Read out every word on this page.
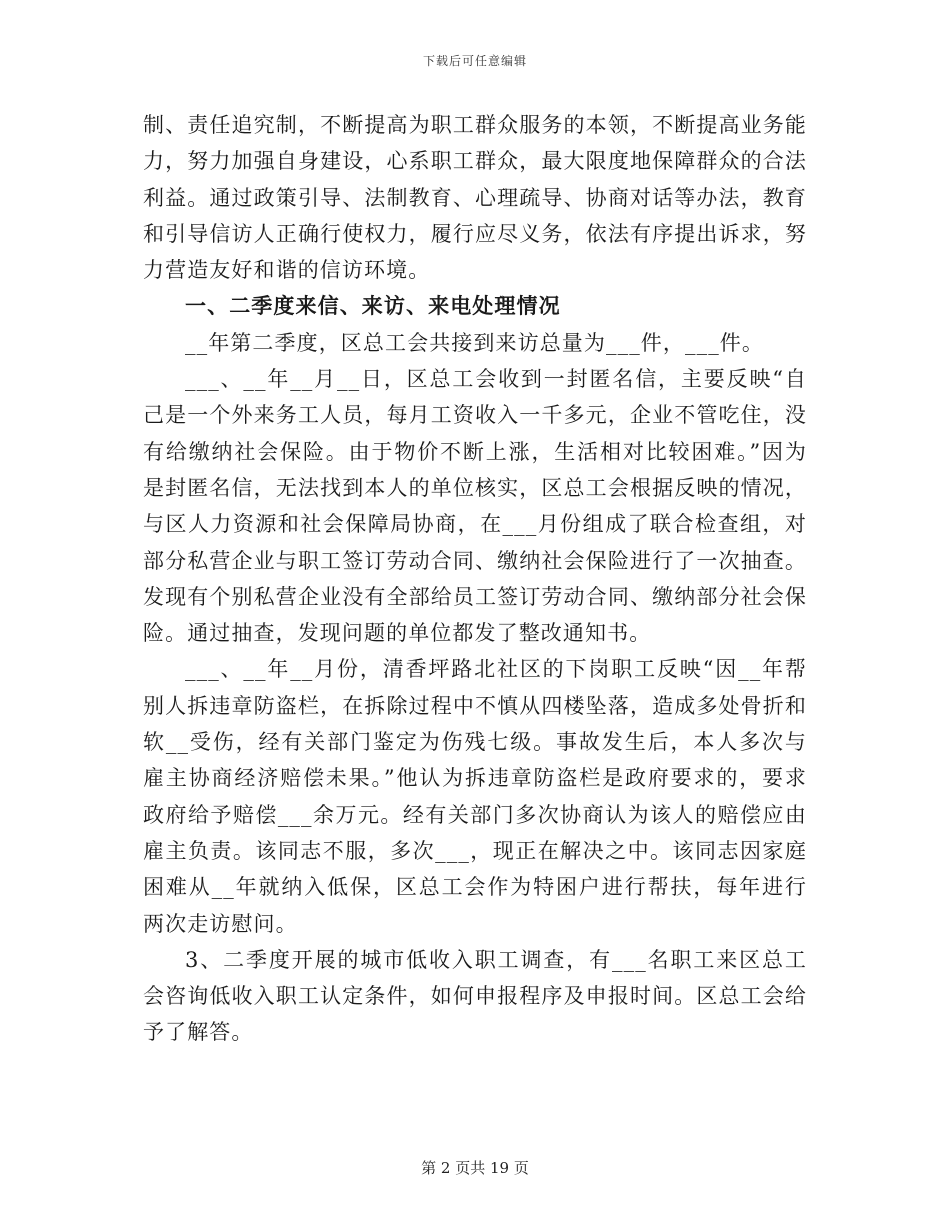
下载后可任意编辑

制、责任追究制，不断提高为职工群众服务的本领，不断提高业务能力，努力加强自身建设，心系职工群众，最大限度地保障群众的合法利益。通过政策引导、法制教育、心理疏导、协商对话等办法，教育和引导信访人正确行使权力，履行应尽义务，依法有序提出诉求，努力营造友好和谐的信访环境。

一、二季度来信、来访、来电处理情况

__年第二季度，区总工会共接到来访总量为___件，___件。

___、__年__月__日，区总工会收到一封匿名信，主要反映“自己是一个外来务工人员，每月工资收入一千多元，企业不管吃住，没有给缴纳社会保险。由于物价不断上涨，生活相对比较困难。”因为是封匿名信，无法找到本人的单位核实，区总工会根据反映的情况，与区人力资源和社会保障局协商，在___月份组成了联合检查组，对部分私营企业与职工签订劳动合同、缴纳社会保险进行了一次抽查。发现有个别私营企业没有全部给员工签订劳动合同、缴纳部分社会保险。通过抽查，发现问题的单位都发了整改通知书。

___、__年__月份，清香坪路北社区的下岗职工反映“因__年帮别人拆违章防盗栏，在拆除过程中不慎从四楼坠落，造成多处骨折和软__受伤，经有关部门鉴定为伤残七级。事故发生后，本人多次与雇主协商经济赔偿未果。”他认为拆违章防盗栏是政府要求的，要求政府给予赔偿___余万元。经有关部门多次协商认为该人的赔偿应由雇主负责。该同志不服，多次___，现正在解决之中。该同志因家庭困难从__年就纳入低保，区总工会作为特困户进行帮扶，每年进行两次走访慰问。

3、二季度开展的城市低收入职工调查，有___名职工来区总工会咨询低收入职工认定条件，如何申报程序及申报时间。区总工会给予了解答。

第 2 页共 19 页
